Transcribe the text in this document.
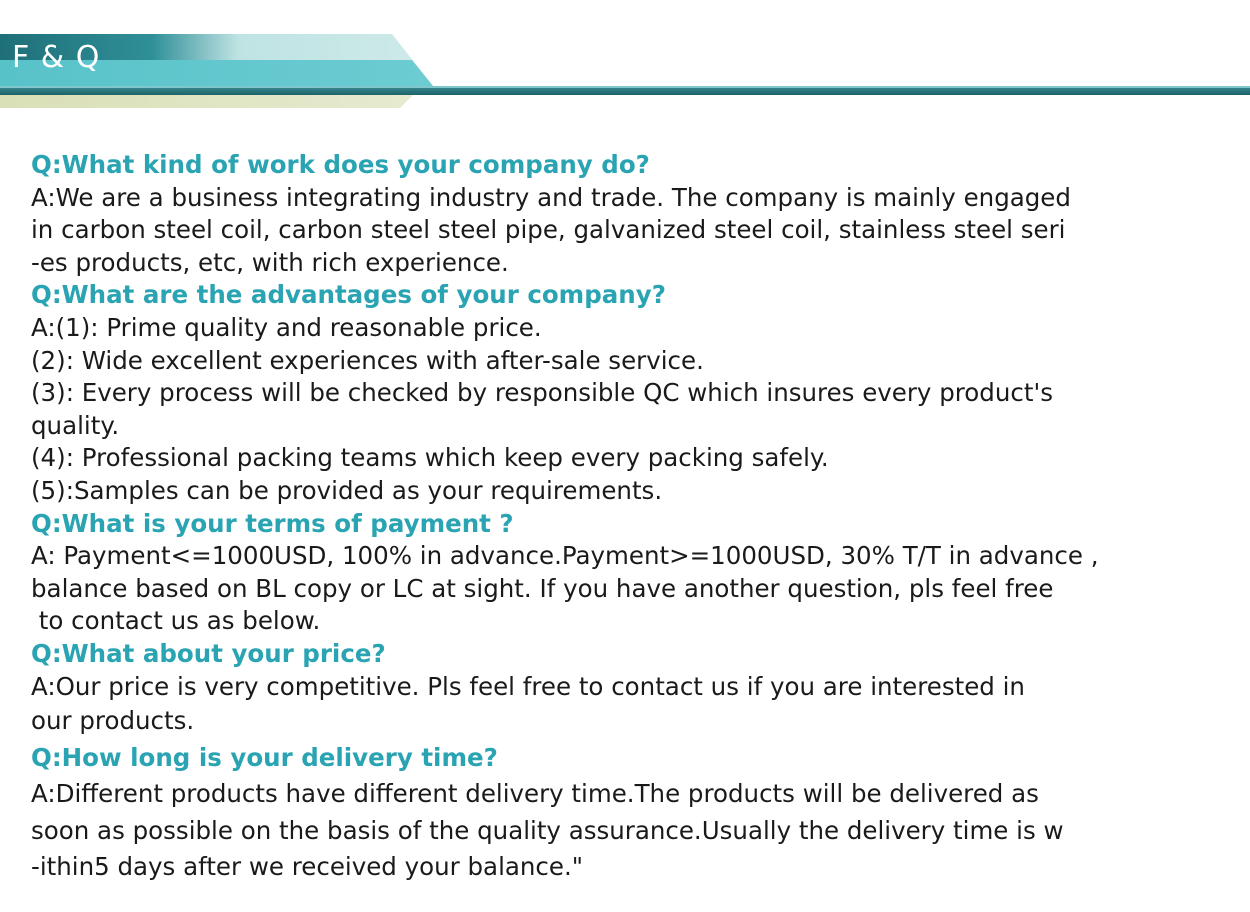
F & Q

Q:What kind of work does your company do?

A:We are a business integrating industry and trade. The company is mainly engaged
in carbon steel coil, carbon steel steel pipe, galvanized steel coil, stainless steel seri
-es products, etc, with rich experience.

Q:What are the advantages of your company?

A:(1): Prime quality and reasonable price.
(2): Wide excellent experiences with after-sale service.
(3): Every process will be checked by responsible QC which insures every product's
quality.
(4): Professional packing teams which keep every packing safely.
(5):Samples can be provided as your requirements.

Q:What is your terms of payment ?

A: Payment<=1000USD, 100% in advance.Payment>=1000USD, 30% T/T in advance ,
balance based on BL copy or LC at sight. If you have another question, pls feel free
to contact us as below.

Q:What about your price?

A:Our price is very competitive. Pls feel free to contact us if you are interested in
our products.

Q:How long is your delivery time?

A:Different products have different delivery time.The products will be delivered as
soon as possible on the basis of the quality assurance.Usually the delivery time is w
-ithin5 days after we received your balance."
